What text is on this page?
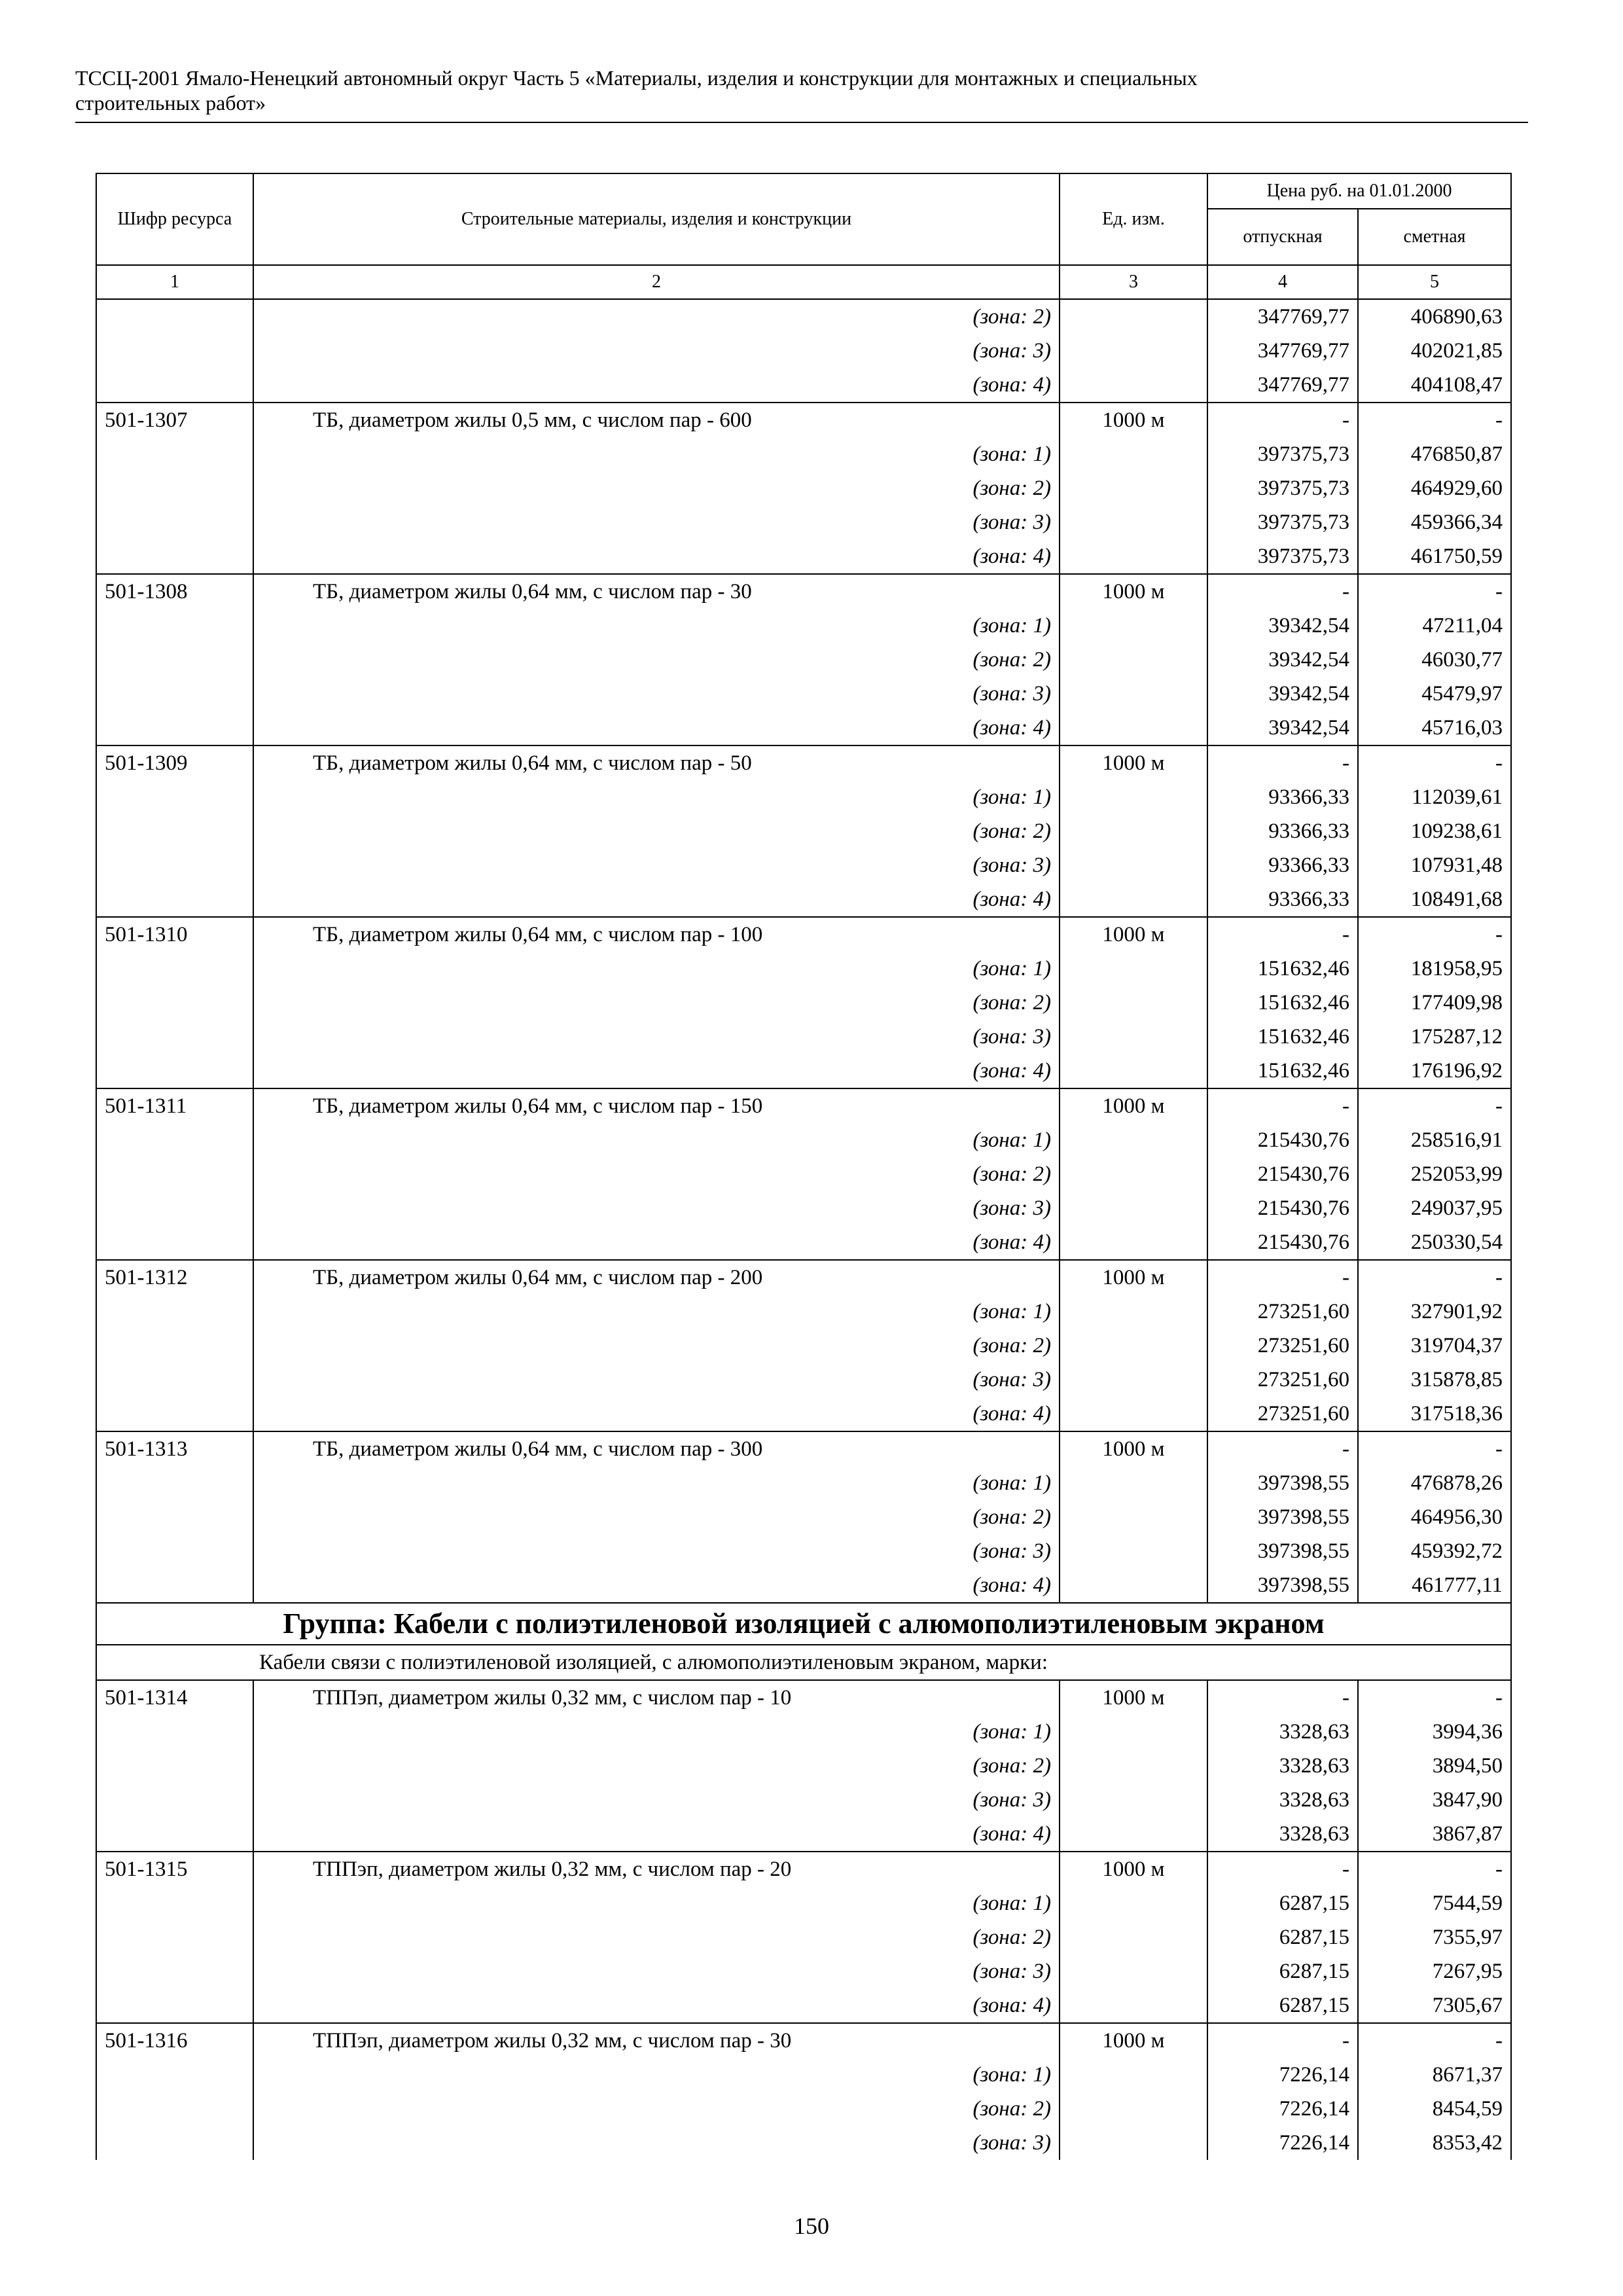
ТССЦ-2001 Ямало-Ненецкий автономный округ Часть 5 «Материалы, изделия и конструкции для монтажных и специальных
строительных работ»
Шифр ресурса	Строительные материалы, изделия и конструкции	Ед. изм.	Цена руб. на 01.01.2000	
			отпускная	сметная
1	2	3	4	5
	(зона: 2)		347769,77	406890,63
	(зона: 3)		347769,77	402021,85
	(зона: 4)		347769,77	404108,47
501-1307	ТБ, диаметром жилы 0,5 мм, с числом пар - 600	1000 м	-	-
	(зона: 1)		397375,73	476850,87
	(зона: 2)		397375,73	464929,60
	(зона: 3)		397375,73	459366,34
	(зона: 4)		397375,73	461750,59
501-1308	ТБ, диаметром жилы 0,64 мм, с числом пар - 30	1000 м	-	-
	(зона: 1)		39342,54	47211,04
	(зона: 2)		39342,54	46030,77
	(зона: 3)		39342,54	45479,97
	(зона: 4)		39342,54	45716,03
501-1309	ТБ, диаметром жилы 0,64 мм, с числом пар - 50	1000 м	-	-
	(зона: 1)		93366,33	112039,61
	(зона: 2)		93366,33	109238,61
	(зона: 3)		93366,33	107931,48
	(зона: 4)		93366,33	108491,68
501-1310	ТБ, диаметром жилы 0,64 мм, с числом пар - 100	1000 м	-	-
	(зона: 1)		151632,46	181958,95
	(зона: 2)		151632,46	177409,98
	(зона: 3)		151632,46	175287,12
	(зона: 4)		151632,46	176196,92
501-1311	ТБ, диаметром жилы 0,64 мм, с числом пар - 150	1000 м	-	-
	(зона: 1)		215430,76	258516,91
	(зона: 2)		215430,76	252053,99
	(зона: 3)		215430,76	249037,95
	(зона: 4)		215430,76	250330,54
501-1312	ТБ, диаметром жилы 0,64 мм, с числом пар - 200	1000 м	-	-
	(зона: 1)		273251,60	327901,92
	(зона: 2)		273251,60	319704,37
	(зона: 3)		273251,60	315878,85
	(зона: 4)		273251,60	317518,36
501-1313	ТБ, диаметром жилы 0,64 мм, с числом пар - 300	1000 м	-	-
	(зона: 1)		397398,55	476878,26
	(зона: 2)		397398,55	464956,30
	(зона: 3)		397398,55	459392,72
	(зона: 4)		397398,55	461777,11
Группа: Кабели с полиэтиленовой изоляцией с алюмополиэтиленовым экраном				
Кабели связи с полиэтиленовой изоляцией, с алюмополиэтиленовым экраном, марки:				
501-1314	ТППэп, диаметром жилы 0,32 мм, с числом пар - 10	1000 м	-	-
	(зона: 1)		3328,63	3994,36
	(зона: 2)		3328,63	3894,50
	(зона: 3)		3328,63	3847,90
	(зона: 4)		3328,63	3867,87
501-1315	ТППэп, диаметром жилы 0,32 мм, с числом пар - 20	1000 м	-	-
	(зона: 1)		6287,15	7544,59
	(зона: 2)		6287,15	7355,97
	(зона: 3)		6287,15	7267,95
	(зона: 4)		6287,15	7305,67
501-1316	ТППэп, диаметром жилы 0,32 мм, с числом пар - 30	1000 м	-	-
	(зона: 1)		7226,14	8671,37
	(зона: 2)		7226,14	8454,59
	(зона: 3)		7226,14	8353,42
150
